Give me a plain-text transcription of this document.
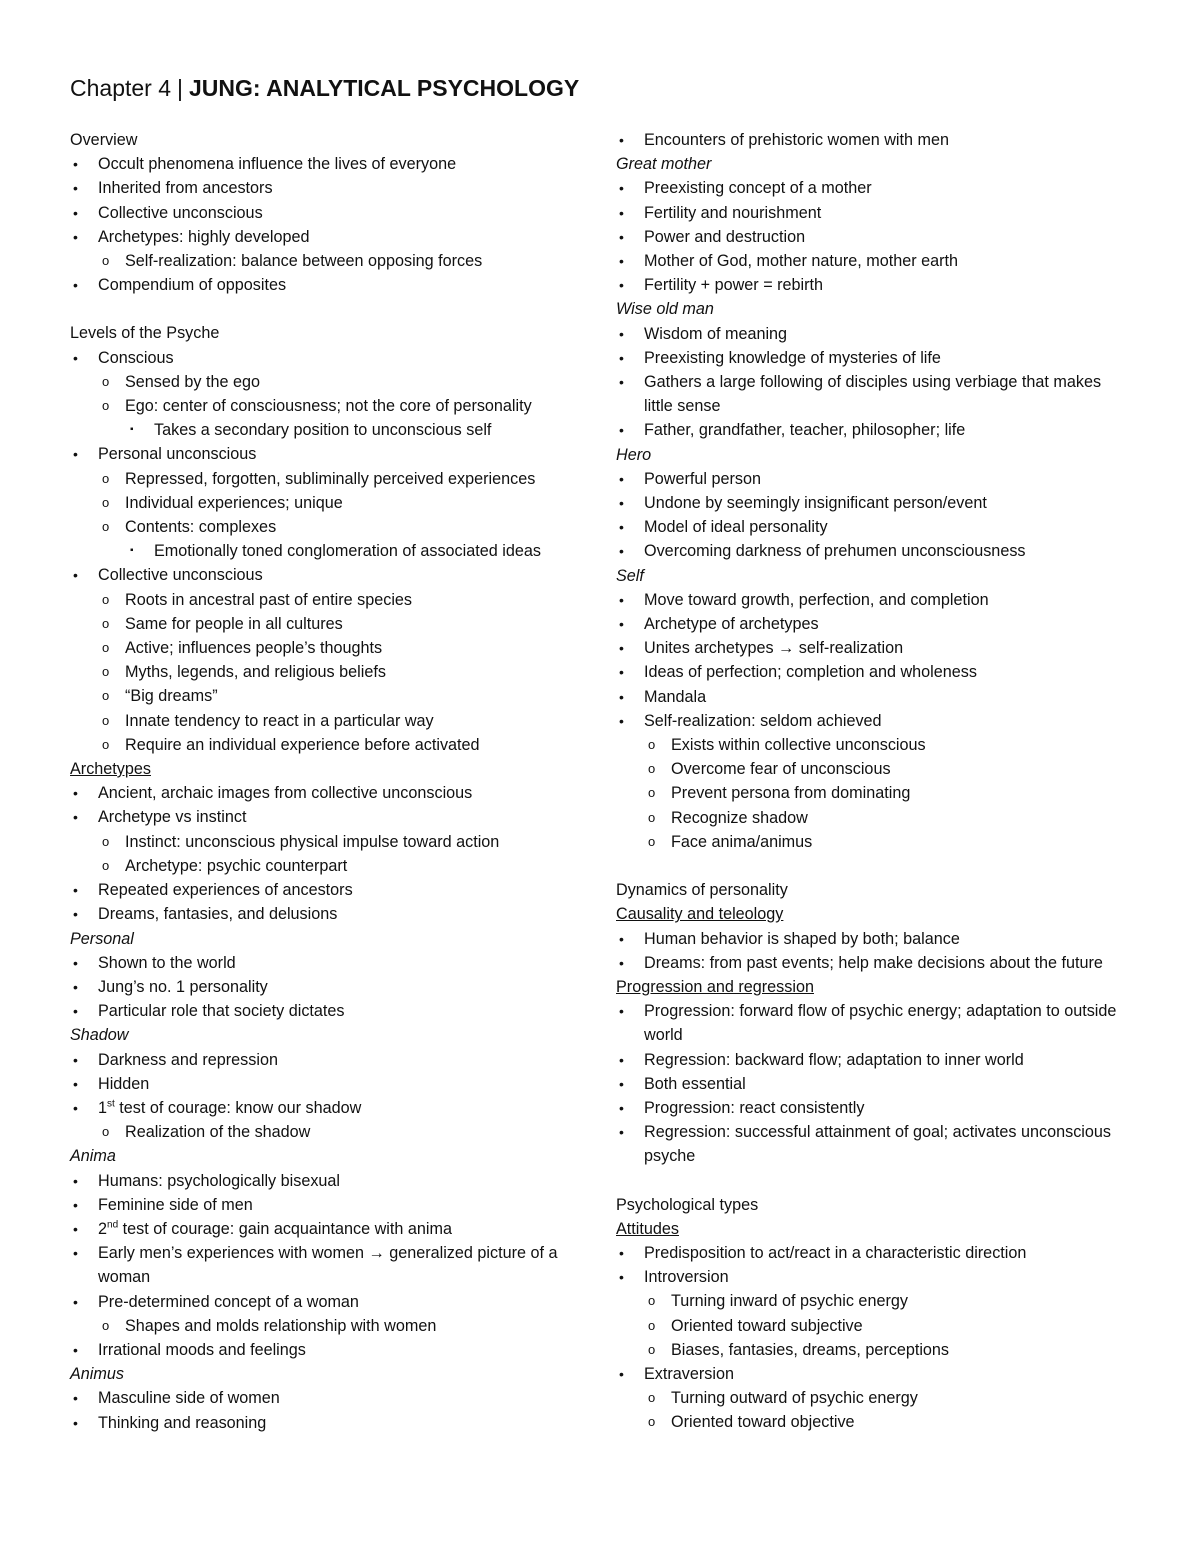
Chapter 4 | JUNG: ANALYTICAL PSYCHOLOGY
Overview
• Occult phenomena influence the lives of everyone
• Inherited from ancestors
• Collective unconscious
• Archetypes: highly developed
o Self-realization: balance between opposing forces
• Compendium of opposites
Levels of the Psyche
• Conscious
o Sensed by the ego
o Ego: center of consciousness; not the core of personality
▪ Takes a secondary position to unconscious self
• Personal unconscious
o Repressed, forgotten, subliminally perceived experiences
o Individual experiences; unique
o Contents: complexes
▪ Emotionally toned conglomeration of associated ideas
• Collective unconscious
o Roots in ancestral past of entire species
o Same for people in all cultures
o Active; influences people’s thoughts
o Myths, legends, and religious beliefs
o “Big dreams”
o Innate tendency to react in a particular way
o Require an individual experience before activated
Archetypes
• Ancient, archaic images from collective unconscious
• Archetype vs instinct
o Instinct: unconscious physical impulse toward action
o Archetype: psychic counterpart
• Repeated experiences of ancestors
• Dreams, fantasies, and delusions
Personal
• Shown to the world
• Jung’s no. 1 personality
• Particular role that society dictates
Shadow
• Darkness and repression
• Hidden
• 1st test of courage: know our shadow
o Realization of the shadow
Anima
• Humans: psychologically bisexual
• Feminine side of men
• 2nd test of courage: gain acquaintance with anima
• Early men’s experiences with women → generalized picture of a woman
• Pre-determined concept of a woman
o Shapes and molds relationship with women
• Irrational moods and feelings
Animus
• Masculine side of women
• Thinking and reasoning
• Encounters of prehistoric women with men
Great mother
• Preexisting concept of a mother
• Fertility and nourishment
• Power and destruction
• Mother of God, mother nature, mother earth
• Fertility + power = rebirth
Wise old man
• Wisdom of meaning
• Preexisting knowledge of mysteries of life
• Gathers a large following of disciples using verbiage that makes little sense
• Father, grandfather, teacher, philosopher; life
Hero
• Powerful person
• Undone by seemingly insignificant person/event
• Model of ideal personality
• Overcoming darkness of prehumen unconsciousness
Self
• Move toward growth, perfection, and completion
• Archetype of archetypes
• Unites archetypes → self-realization
• Ideas of perfection; completion and wholeness
• Mandala
• Self-realization: seldom achieved
o Exists within collective unconscious
o Overcome fear of unconscious
o Prevent persona from dominating
o Recognize shadow
o Face anima/animus
Dynamics of personality
Causality and teleology
• Human behavior is shaped by both; balance
• Dreams: from past events; help make decisions about the future
Progression and regression
• Progression: forward flow of psychic energy; adaptation to outside world
• Regression: backward flow; adaptation to inner world
• Both essential
• Progression: react consistently
• Regression: successful attainment of goal; activates unconscious psyche
Psychological types
Attitudes
• Predisposition to act/react in a characteristic direction
• Introversion
o Turning inward of psychic energy
o Oriented toward subjective
o Biases, fantasies, dreams, perceptions
• Extraversion
o Turning outward of psychic energy
o Oriented toward objective
